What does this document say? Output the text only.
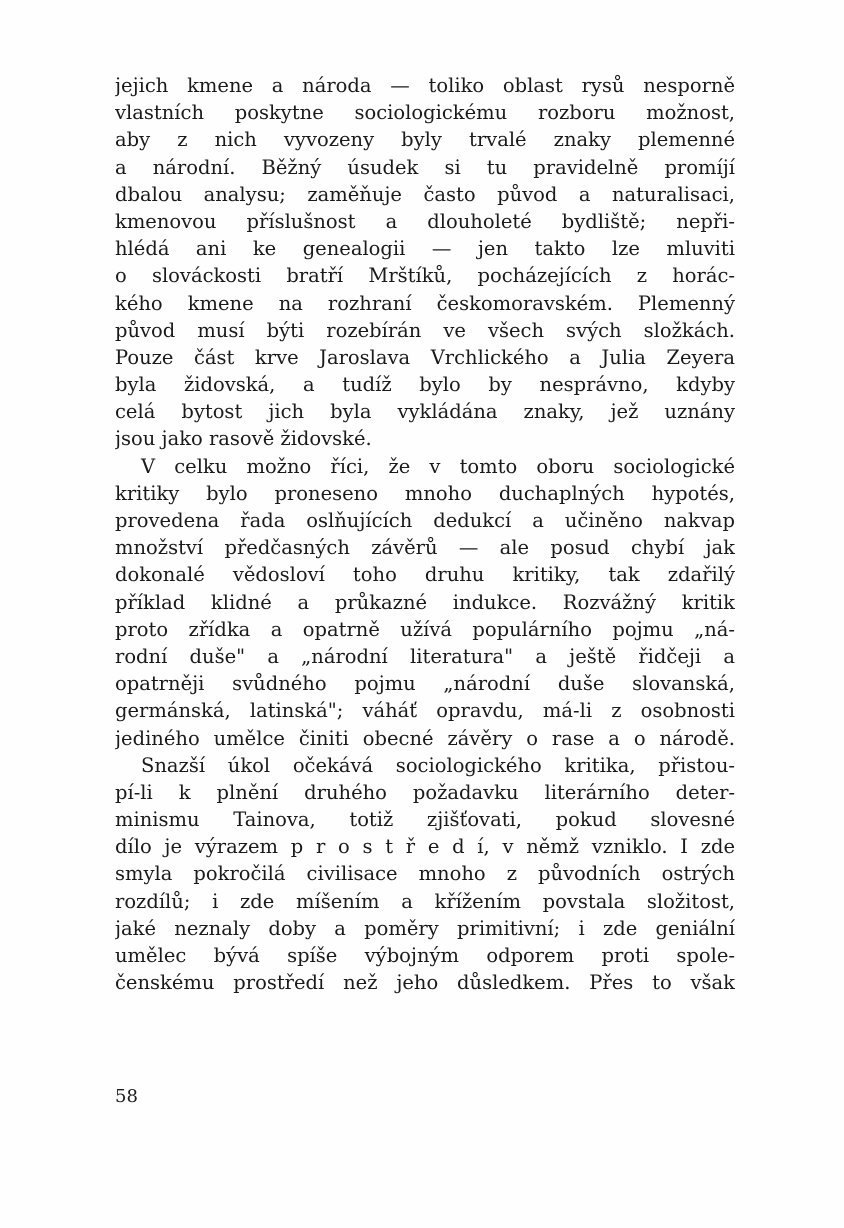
jejich kmene a národa — toliko oblast rysů nesporně
vlastních poskytne sociologickému rozboru možnost,
aby z nich vyvozeny byly trvalé znaky plemenné
a národní. Běžný úsudek si tu pravidelně promíjí
dbalou analysu; zaměňuje často původ a naturalisaci,
kmenovou příslušnost a dlouholeté bydliště; nepři-
hlédá ani ke genealogii — jen takto lze mluviti
o slováckosti bratří Mrštíků, pocházejících z horác-
kého kmene na rozhraní českomoravském. Plemenný
původ musí býti rozebírán ve všech svých složkách.
Pouze část krve Jaroslava Vrchlického a Julia Zeyera
byla židovská, a tudíž bylo by nesprávno, kdyby
celá bytost jich byla vykládána znaky, jež uznány
jsou jako rasově židovské.
V celku možno říci, že v tomto oboru sociologické
kritiky bylo proneseno mnoho duchaplných hypotés,
provedena řada oslňujících dedukcí a učiněno nakvap
množství předčasných závěrů — ale posud chybí jak
dokonalé vědosloví toho druhu kritiky, tak zdařilý
příklad klidné a průkazné indukce. Rozvážný kritik
proto zřídka a opatrně užívá populárního pojmu „ná-
rodní duše" a „národní literatura" a ještě řidčeji a
opatrněji svůdného pojmu „národní duše slovanská,
germánská, latinská"; váháť opravdu, má-li z osobnosti
jediného umělce činiti obecné závěry o rase a o národě.
Snazší úkol očekává sociologického kritika, přistou-
pí-li k plnění druhého požadavku literárního deter-
minismu Tainova, totiž zjišťovati, pokud slovesné
dílo je výrazem p r o s t ř e d í, v němž vzniklo. I zde
smyla pokročilá civilisace mnoho z původních ostrých
rozdílů; i zde míšením a křížením povstala složitost,
jaké neznaly doby a poměry primitivní; i zde geniální
umělec bývá spíše výbojným odporem proti spole-
čenskému prostředí než jeho důsledkem. Přes to však
58
